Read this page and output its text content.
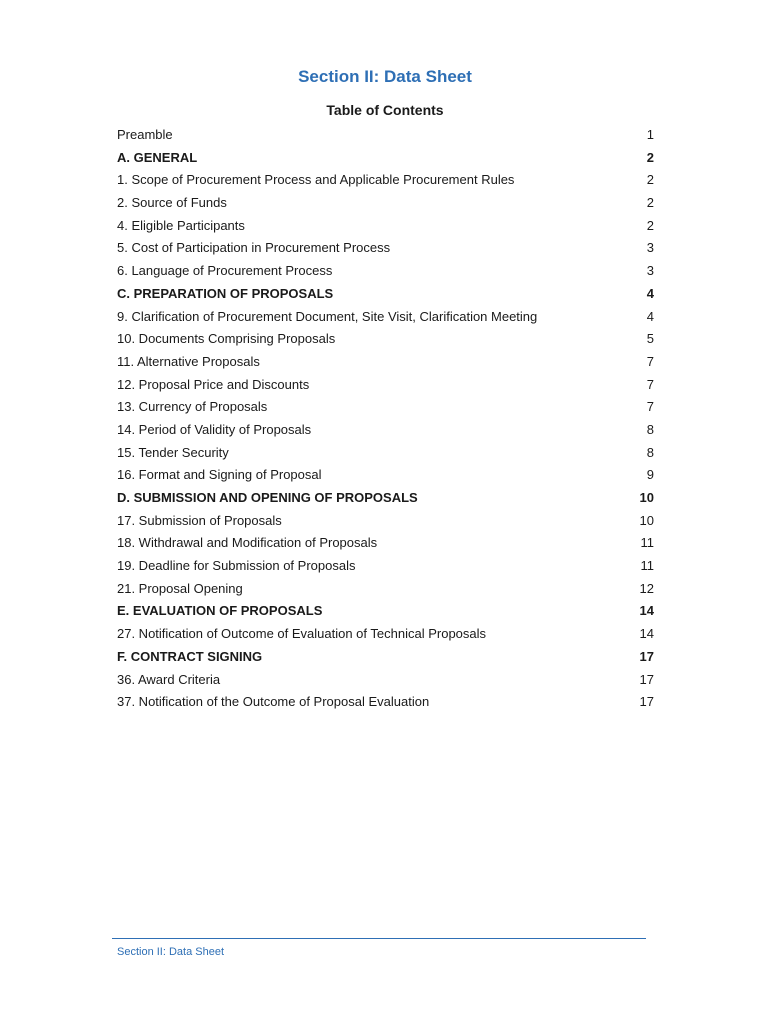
Section II: Data Sheet
Table of Contents
Preamble	1
A. GENERAL	2
1. Scope of Procurement Process and Applicable Procurement Rules	2
2. Source of Funds	2
4. Eligible Participants	2
5. Cost of Participation in Procurement Process	3
6. Language of Procurement Process	3
C. PREPARATION OF PROPOSALS	4
9. Clarification of Procurement Document, Site Visit, Clarification Meeting	4
10. Documents Comprising Proposals	5
11. Alternative Proposals	7
12. Proposal Price and Discounts	7
13. Currency of Proposals	7
14. Period of Validity of Proposals	8
15. Tender Security	8
16. Format and Signing of Proposal	9
D. SUBMISSION AND OPENING OF PROPOSALS	10
17. Submission of Proposals	10
18. Withdrawal and Modification of Proposals	11
19. Deadline for Submission of Proposals	11
21. Proposal Opening	12
E. EVALUATION OF PROPOSALS	14
27. Notification of Outcome of Evaluation of Technical Proposals	14
F. CONTRACT SIGNING	17
36. Award Criteria	17
37. Notification of the Outcome of Proposal Evaluation	17
Section II: Data Sheet
